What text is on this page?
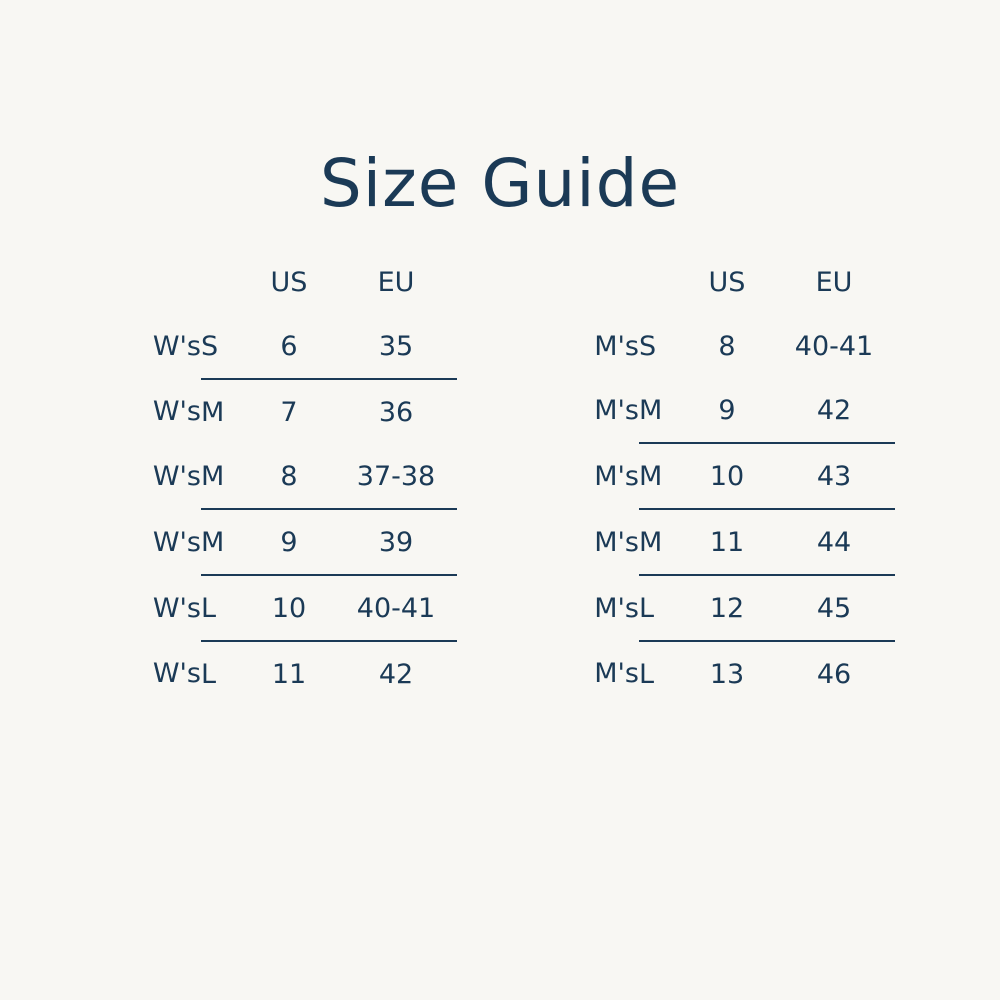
Size Guide
		US	EU
W's	S	6	35
W's	M	7	36
W's	M	8	37-38
W's	M	9	39
W's	L	10	40-41
W's	L	11	42
		US	EU
M's	S	8	40-41
M's	M	9	42
M's	M	10	43
M's	M	11	44
M's	L	12	45
M's	L	13	46
